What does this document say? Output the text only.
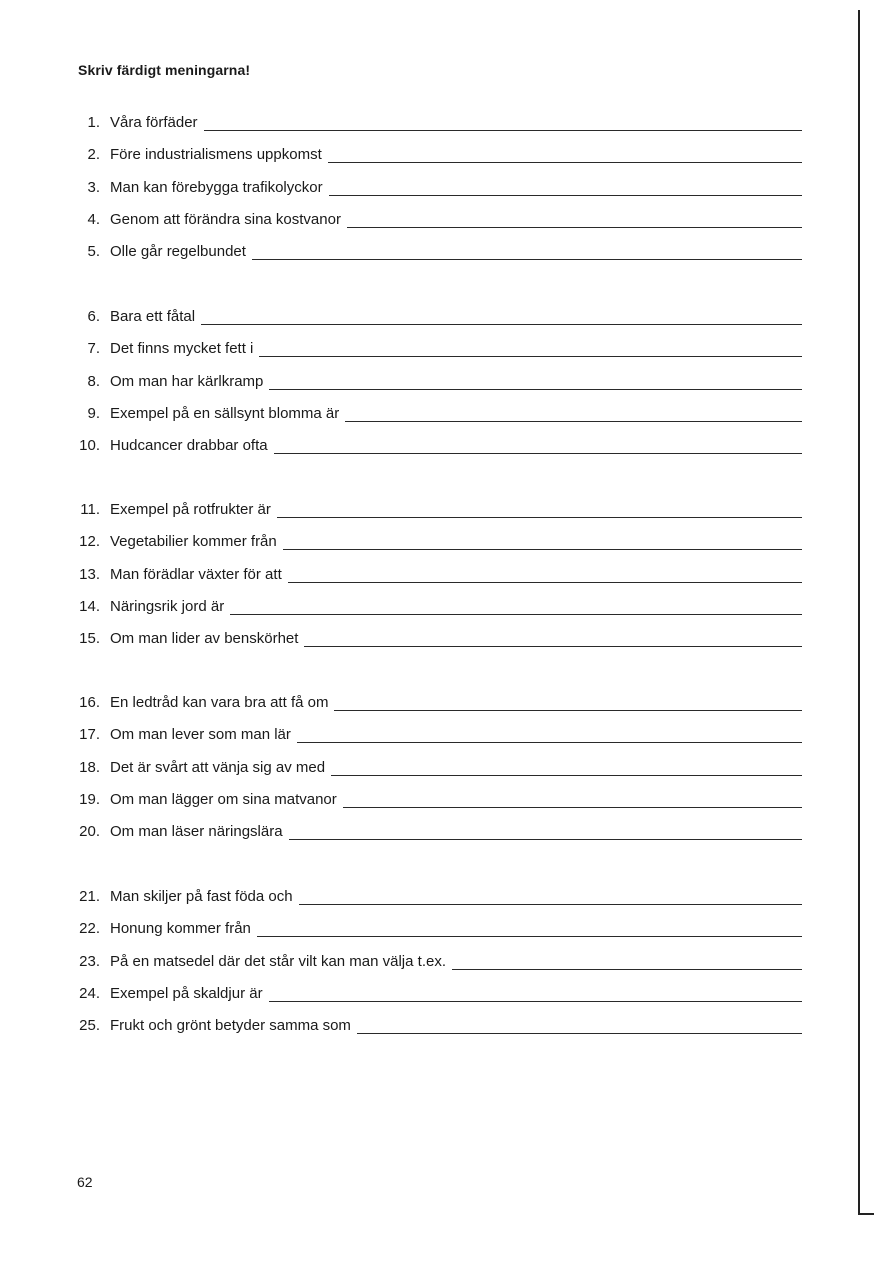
Skriv färdigt meningarna!
1. Våra förfäder
2. Före industrialismens uppkomst
3. Man kan förebygga trafikolyckor
4. Genom att förändra sina kostvanor
5. Olle går regelbundet
6. Bara ett fåtal
7. Det finns mycket fett i
8. Om man har kärlkramp
9. Exempel på en sällsynt blomma är
10. Hudcancer drabbar ofta
11. Exempel på rotfrukter är
12. Vegetabilier kommer från
13. Man förädlar växter för att
14. Näringsrik jord är
15. Om man lider av benskörhet
16. En ledtråd kan vara bra att få om
17. Om man lever som man lär
18. Det är svårt att vänja sig av med
19. Om man lägger om sina matvanor
20. Om man läser näringslära
21. Man skiljer på fast föda och
22. Honung kommer från
23. På en matsedel där det står vilt kan man välja t.ex.
24. Exempel på skaldjur är
25. Frukt och grönt betyder samma som
62
